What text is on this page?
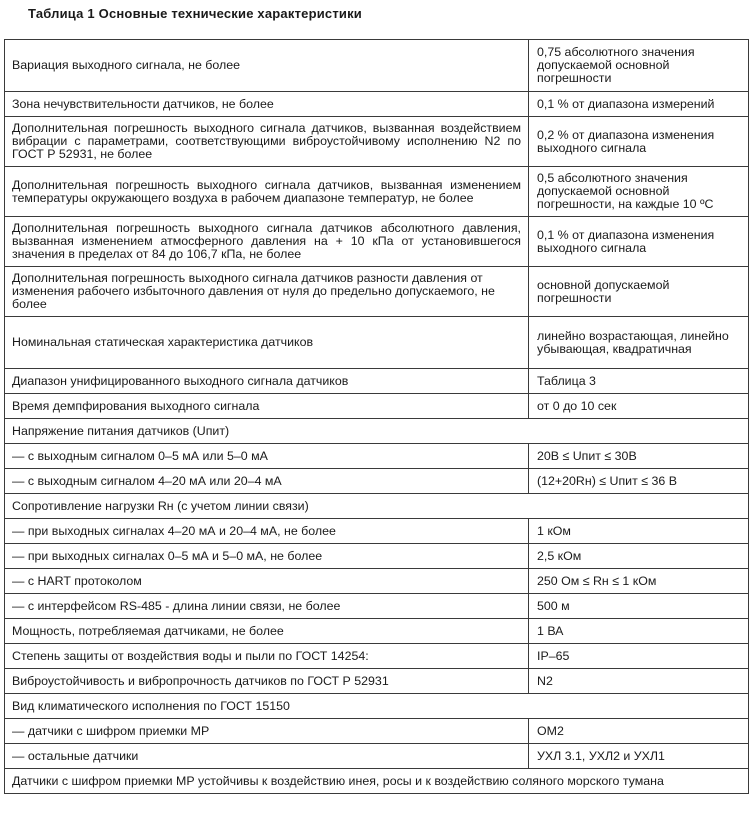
Таблица 1 Основные технические характеристики
Вариация выходного сигнала, не более	0,75 абсолютного значения допускаемой основной погрешности
Зона нечувствительности датчиков, не более	0,1 % от диапазона измерений
Дополнительная погрешность выходного сигнала датчиков, вызванная воздействием вибрации с параметрами, соответствующими виброустойчивому исполнению N2 по ГОСТ Р 52931, не более	0,2 % от диапазона изменения выходного сигнала
Дополнительная погрешность выходного сигнала датчиков, вызванная изменением температуры окружающего воздуха в рабочем диапазоне температур, не более	0,5 абсолютного значения допускаемой основной погрешности, на каждые 10 ºС
Дополнительная погрешность выходного сигнала датчиков абсолютного давления, вызванная изменением атмосферного давления на + 10 кПа от установившегося значения в пределах от 84 до 106,7 кПа, не более	0,1 % от диапазона изменения выходного сигнала
Дополнительная погрешность выходного сигнала датчиков разности давления от изменения рабочего избыточного давления от нуля до предельно допускаемого, не более	основной допускаемой погрешности
Номинальная статическая характеристика датчиков	линейно возрастающая, линейно убывающая, квадратичная
Диапазон унифицированного выходного сигнала датчиков	Таблица 3
Время демпфирования выходного сигнала	от 0 до 10 сек
Напряжение питания датчиков (Uпит)	
— с выходным сигналом 0–5 мА или 5–0 мА	20В ≤ Uпит ≤ 30В
— с выходным сигналом 4–20 мА или 20–4 мА	(12+20Rн) ≤ Uпит ≤ 36 В
Сопротивление нагрузки Rн (с учетом линии связи)	
— при выходных сигналах 4–20 мА и 20–4 мА, не более	1 кОм
— при выходных сигналах 0–5 мА и 5–0 мА, не более	2,5 кОм
— с HART протоколом	250 Ом ≤ Rн ≤ 1 кОм
— с интерфейсом RS-485 - длина линии связи, не более	500 м
Мощность, потребляемая датчиками, не более	1 ВА
Степень защиты от воздействия воды и пыли по ГОСТ 14254:	IP–65
Виброустойчивость и вибропрочность датчиков по ГОСТ Р 52931	N2
Вид климатического исполнения по ГОСТ 15150	
— датчики с шифром приемки МР	ОМ2
— остальные датчики	УХЛ 3.1, УХЛ2 и УХЛ1
Датчики с шифром приемки МР устойчивы к воздействию инея, росы и к воздействию соляного морского тумана	
